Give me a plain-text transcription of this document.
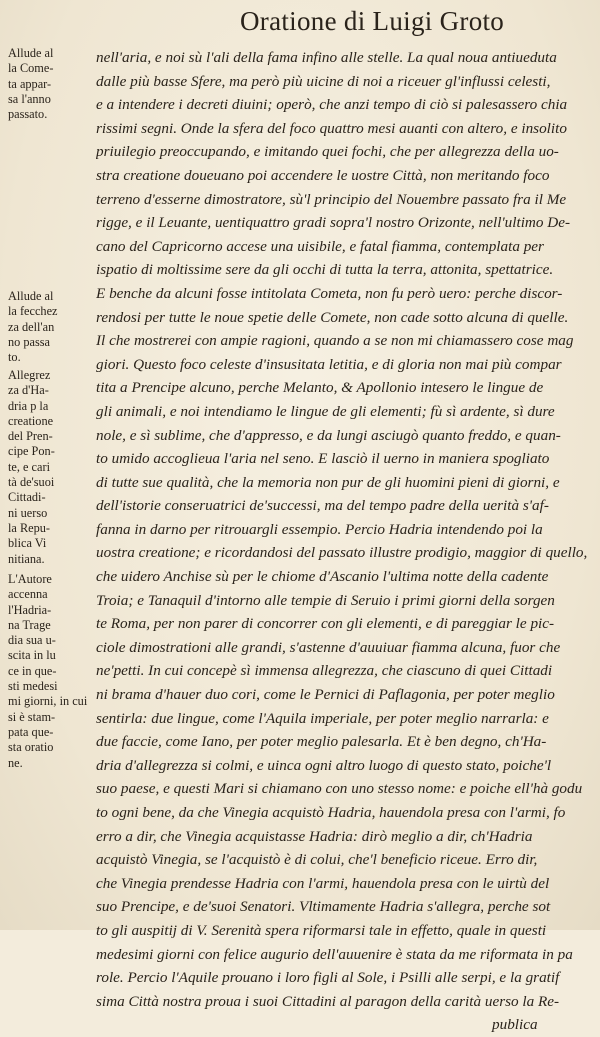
Oratione di Luigi Groto
Allude al
la Come-
ta appar-
sa l'anno
passato.
Allude al
la fecchez
za dell'an
no passa
to.
Allegrez
za d'Ha-
dria p la
creatione
del Pren-
cipe Pon-
te, e cari
tà de'suoi
Cittadi-
ni uerso
la Repu-
blica Vi
nitiana.
L'Autore
accenna
l'Hadria-
na Trage
dia sua u-
scita in lu
ce in que-
sti medesi
mi giorni, in cui
si è stam-
pata que-
sta oratio
ne.
nell'aria, e noi sù l'ali della fama infino alle stelle. La qual noua antiueduta
dalle più basse Sfere, ma però più uicine di noi a riceuer gl'influssi celesti,
e a intendere i decreti diuini; operò, che anzi tempo di ciò si palesassero chia
rissimi segni. Onde la sfera del foco quattro mesi auanti con altero, e insolito
priuilegio preoccupando, e imitando quei fochi, che per allegrezza della uo-
stra creatione doueuano poi accendere le uostre Città, non meritando foco
terreno d'esserne dimostratore, sù'l principio del Nouembre passato fra il Me
rigge, e il Leuante, uentiquattro gradi sopra'l nostro Orizonte, nell'ultimo De-
cano del Capricorno accese una uisibile, e fatal fiamma, contemplata per
ispatio di moltissime sere da gli occhi di tutta la terra, attonita, spettatrice.
E benche da alcuni fosse intitolata Cometa, non fu però uero: perche discor-
rendosi per tutte le noue spetie delle Comete, non cade sotto alcuna di quelle.
Il che mostrerei con ampie ragioni, quando a se non mi chiamassero cose mag
giori. Questo foco celeste d'insusitata letitia, e di gloria non mai più compar
tita a Prencipe alcuno, perche Melanto, & Apollonio intesero le lingue de
gli animali, e noi intendiamo le lingue de gli elementi; fù sì ardente, sì dure
nole, e sì sublime, che d'appresso, e da lungi asciugò quanto freddo, e quan-
to umido accoglieua l'aria nel seno. E lasciò il uerno in maniera spogliato
di tutte sue qualità, che la memoria non pur de gli huomini pieni di giorni, e
dell'istorie conseruatrici de'successi, ma del tempo padre della uerità s'af-
fanna in darno per ritrouargli essempio. Percio Hadria intendendo poi la
uostra creatione; e ricordandosi del passato illustre prodigio, maggior di quello,
che uidero Anchise sù per le chiome d'Ascanio l'ultima notte della cadente
Troia; e Tanaquil d'intorno alle tempie di Seruio i primi giorni della sorgen
te Roma, per non parer di concorrer con gli elementi, e di pareggiar le pic-
ciole dimostrationi alle grandi, s'astenne d'auuiuar fiamma alcuna, fuor che
ne'petti. In cui concepè sì immensa allegrezza, che ciascuno di quei Cittadi
ni brama d'hauer duo cori, come le Pernici di Paflagonia, per poter meglio
sentirla: due lingue, come l'Aquila imperiale, per poter meglio narrarla: e
due faccie, come Iano, per poter meglio palesarla. Et è ben degno, ch'Ha-
dria d'allegrezza si colmi, e uinca ogni altro luogo di questo stato, poiche'l
suo paese, e questi Mari si chiamano con uno stesso nome: e poiche ell'hà godu
to ogni bene, da che Vinegia acquistò Hadria, hauendola presa con l'armi, fo
erro a dir, che Vinegia acquistasse Hadria: dirò meglio a dir, ch'Hadria
acquistò Vinegia, se l'acquistò è di colui, che'l beneficio riceue. Erro dir,
che Vinegia prendesse Hadria con l'armi, hauendola presa con le uirtù del
suo Prencipe, e de'suoi Senatori. Vltimamente Hadria s'allegra, perche sot
to gli auspitij di V. Serenità spera riformarsi tale in effetto, quale in questi
medesimi giorni con felice augurio dell'auuenire è stata da me riformata in pa
role. Percio l'Aquile prouano i loro figli al Sole, i Psilli alle serpi, e la gratif
sima Città nostra proua i suoi Cittadini al paragon della carità uerso la Re-
publica
